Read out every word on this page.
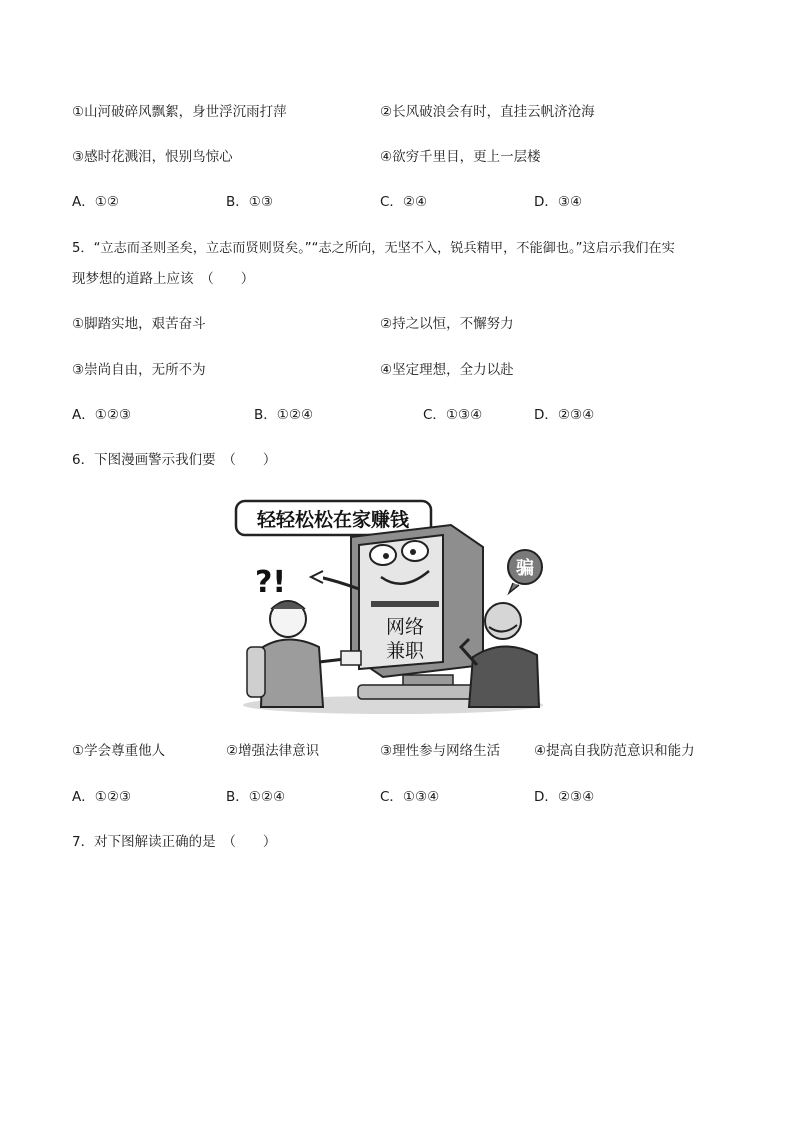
①山河破碎风飘絮，身世浮沉雨打萍	②长风破浪会有时，直挂云帆济沧海
③感时花溅泪，恨别鸟惊心	④欲穷千里目，更上一层楼
A．①②	B．①③	C．②④	D．③④
5．“立志而圣则圣矣，立志而贤则贤矣。”“志之所向，无坚不入，锐兵精甲，不能御也。”这启示我们在实
现梦想的道路上应该　（　　）
①脚踏实地，艰苦奋斗	②持之以恒，不懈努力
③崇尚自由，无所不为	④坚定理想，全力以赴
A．①②③	B．①②④	C．①③④	D．②③④
6．下图漫画警示我们要　（　　）
轻轻松松在家赚钱
网络
兼职
?!	骗
①学会尊重他人	②增强法律意识	③理性参与网络生活	④提高自我防范意识和能力
A．①②③	B．①②④	C．①③④	D．②③④
7．对下图解读正确的是　（　　）
